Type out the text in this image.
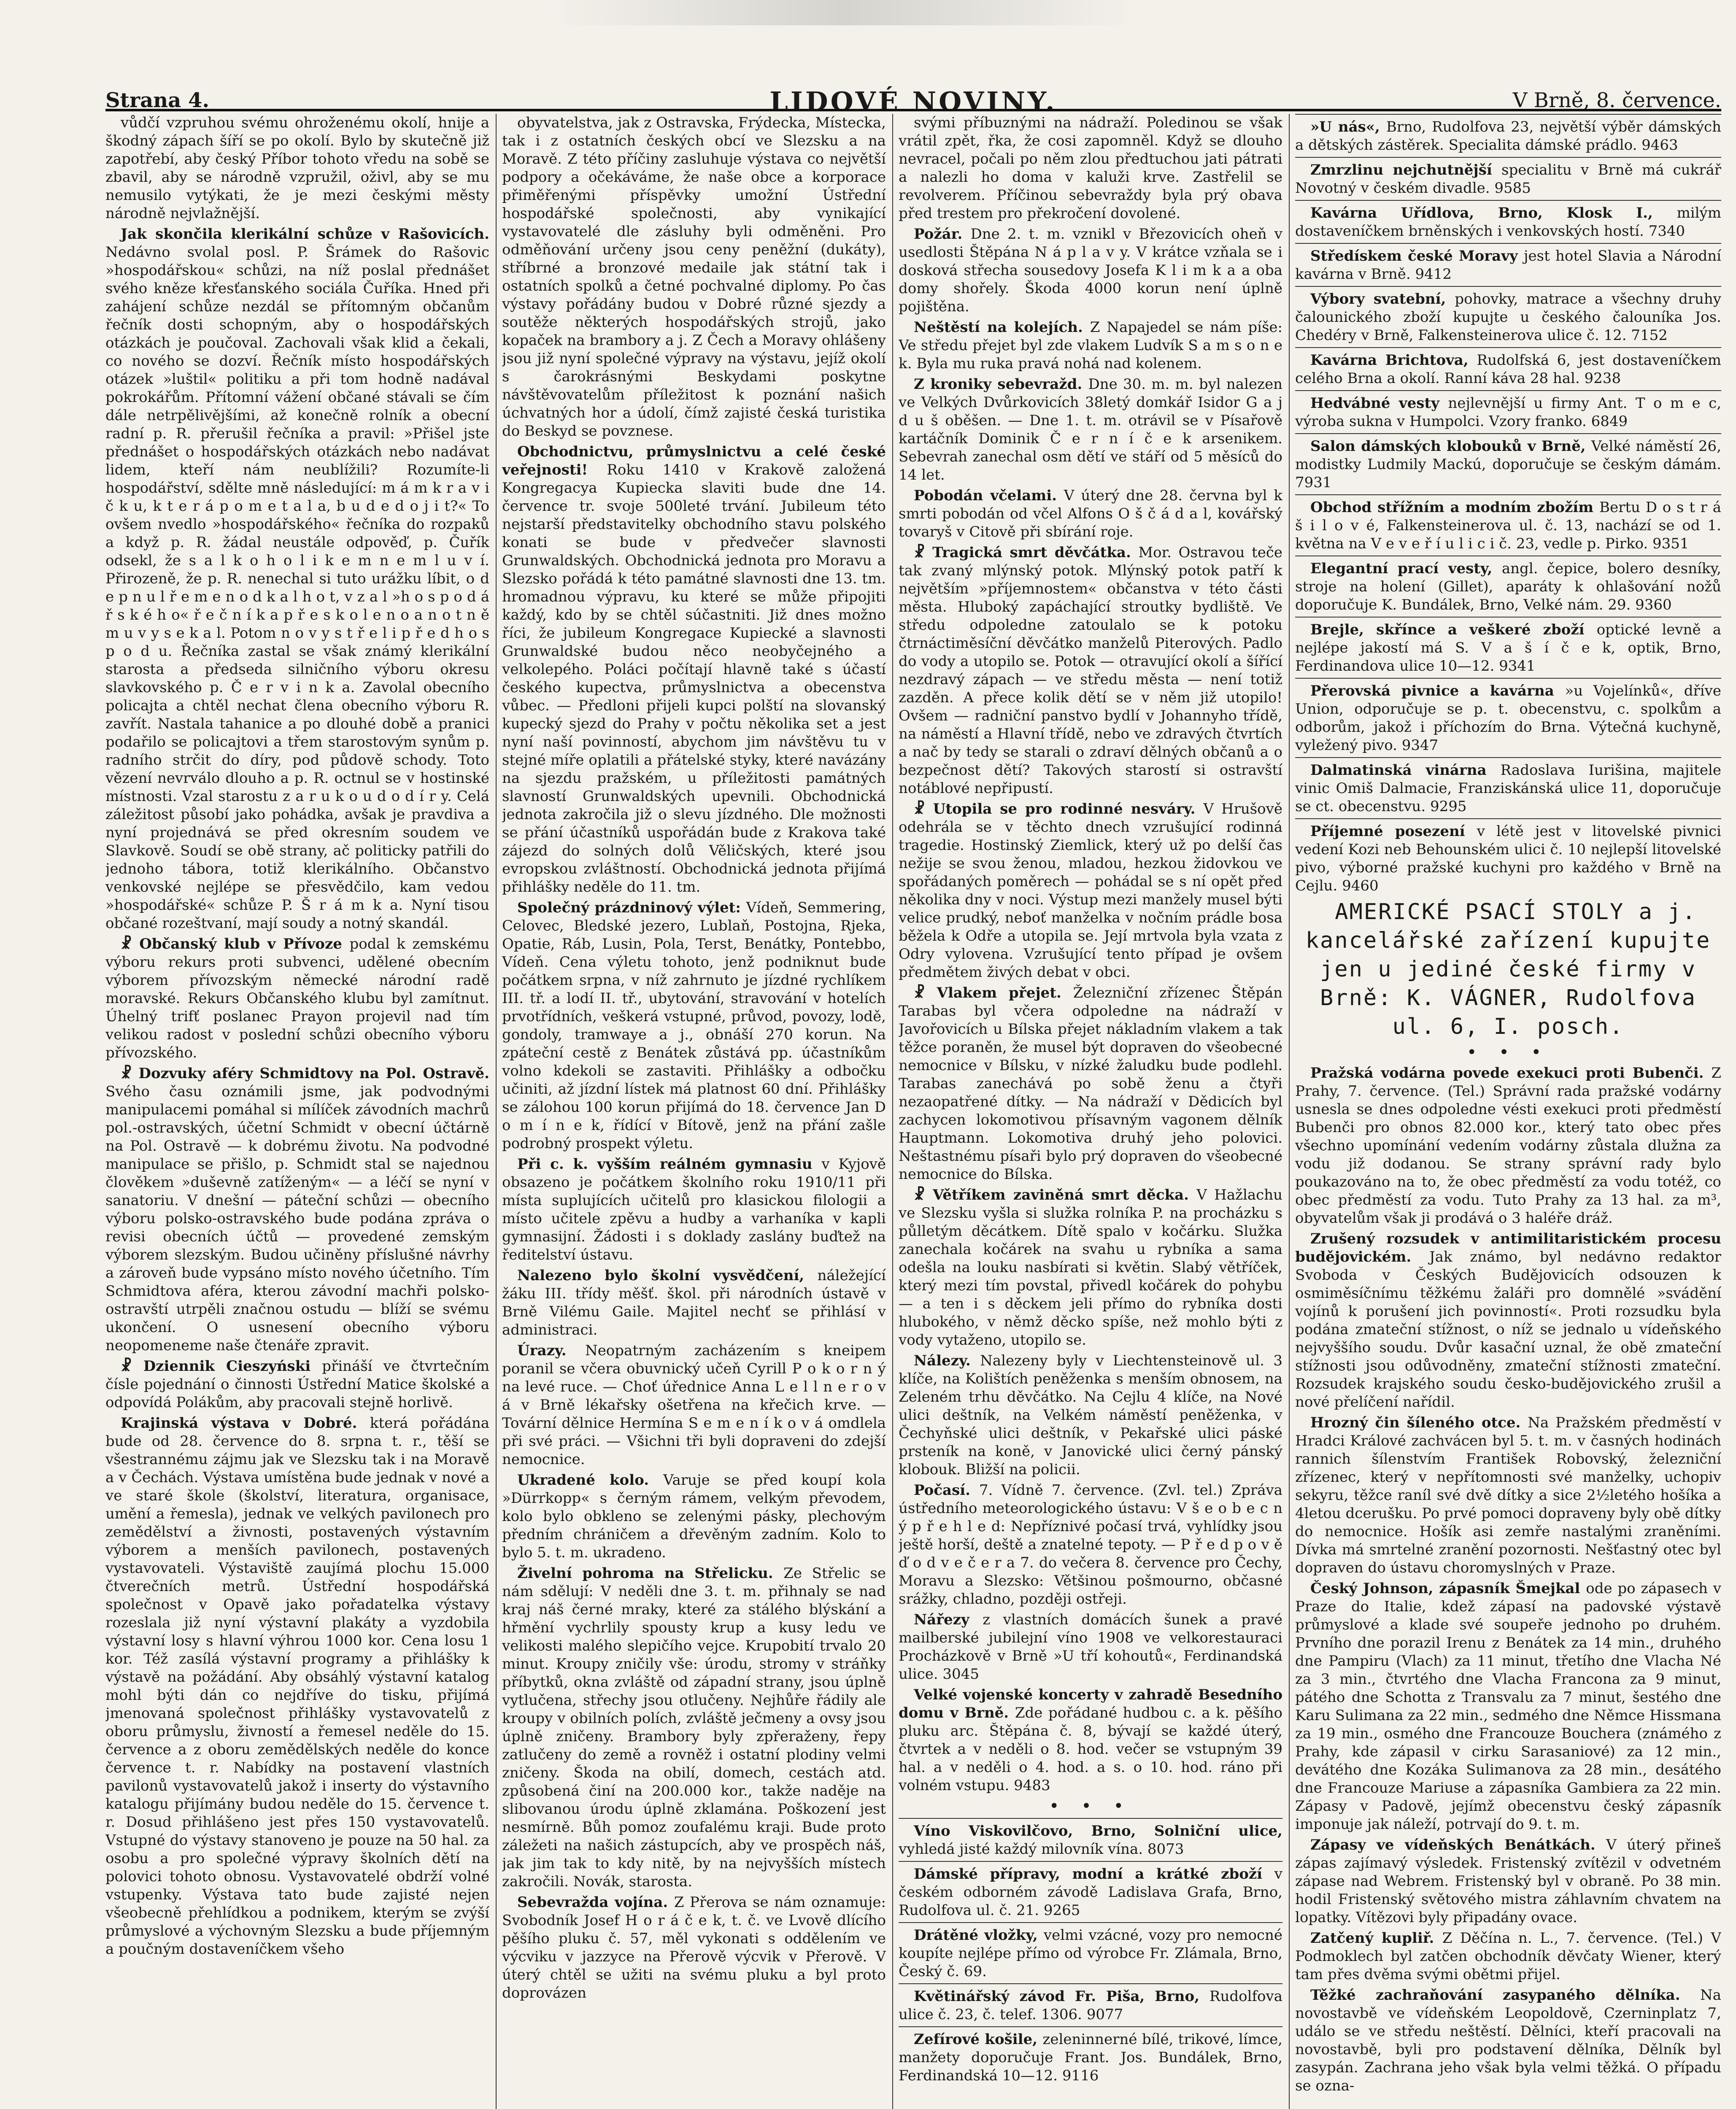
Strana 4.	LIDOVÉ NOVINY.	V Brně, 8. července.

vůdčí vzpruhou svému ohroženému okolí, hnije a škodný zápach šíří se po okolí. Bylo by skutečně již zapotřebí, aby český Příbor tohoto vředu na sobě se zbavil, aby se národně vzpružil, oživl, aby se mu nemusilo vytýkati, že je mezi českými městy národně nejvlažnější.

Jak skončila klerikální schůze v Rašovicích. Nedávno svolal posl. P. Šrámek do Rašovic »hospodářskou« schůzi, na níž poslal přednášet svého kněze křesťanského sociála Čuříka. Hned při zahájení schůze nezdál se přítomným občanům řečník dosti schopným, aby o hospodářských otázkách je poučoval. Zachovali však klid a čekali, co nového se dozví. Řečník místo hospodářských otázek »luštil« politiku a při tom hodně nadával pokrokářům. Přítomní vážení občané stávali se čím dále netrpělivějšími, až konečně rolník a obecní radní p. R. přerušil řečníka a pravil: »Přišel jste přednášet o hospodářských otázkách nebo nadávat lidem, kteří nám neublížili? Rozumíte-li hospodářství, sdělte mně následující: m á m k r a v i č k u, k t e r á p o m e t a l a, b u d e d o j i t?« To ovšem nvedlo »hospodářského« řečníka do rozpaků a když p. R. žádal neustále odpověď, p. Čuřík odsekl, že s a l k o h o l i k e m n e m l u v í. Přirozeně, že p. R. nenechal si tuto urážku líbit, o d e p n u l ř e m e n o d k a l h o t, v z a l »h o s p o d á ř s k é h o« ř e č n í k a p ř e s k o l e n o a n o t n ě m u v y s e k a l. Potom n o v y s t ř e l i p ř e d h o s p o d u. Řečníka zastal se však známý klerikální starosta a předseda silničního výboru okresu slavkovského p. Č e r v i n k a. Zavolal obecního policajta a chtěl nechat člena obecního výboru R. zavřít. Nastala tahanice a po dlouhé době a pranici podařilo se policajtovi a třem starostovým synům p. radního strčit do díry, pod půdově schody. Toto vězení nevrválo dlouho a p. R. octnul se v hostinské místnosti. Vzal starostu z a r u k o u d o d í r y. Celá záležitost působí jako pohádka, avšak je pravdiva a nyní projednává se před okresním soudem ve Slavkově. Soudí se obě strany, ač politicky patřili do jednoho tábora, totiž klerikálního. Občanstvo venkovské nejlépe se přesvědčilo, kam vedou »hospodářské« schůze P. Š r á m k a. Nyní tisou občané rozeštvaní, mají soudy a notný skandál.

☧ Občanský klub v Přívoze podal k zemskému výboru rekurs proti subvenci, udělené obecním výborem přívozským německé národní radě moravské. Rekurs Občanského klubu byl zamítnut. Úhelný trifť poslanec Prayon projevil nad tím velikou radost v poslední schůzi obecního výboru přívozského.

☧ Dozvuky aféry Schmidtovy na Pol. Ostravě. Svého času oznámili jsme, jak podvodnými manipulacemi pomáhal si mílíček závodních machrů pol.-ostravských, účetní Schmidt v obecní účtárně na Pol. Ostravě — k dobrému životu. Na podvodné manipulace se přišlo, p. Schmidt stal se najednou člověkem »duševně zatíženým« — a léčí se nyní v sanatoriu. V dnešní — páteční schůzi — obecního výboru polsko-ostravského bude podána zpráva o revisi obecních účtů — provedené zemským výborem slezským. Budou učiněny příslušné návrhy a zároveň bude vypsáno místo nového účetního. Tím Schmidtova aféra, kterou závodní machři polsko-ostravští utrpěli značnou ostudu — blíží se svému ukončení. O usnesení obecního výboru neopomeneme naše čtenáře zpravit.

☧ Dziennik Cieszyński přináší ve čtvrtečním čísle pojednání o činnosti Ústřední Matice školské a odpovídá Polákům, aby pracovali stejně horlivě.

Krajinská výstava v Dobré. která pořádána bude od 28. července do 8. srpna t. r., těší se všestrannému zájmu jak ve Slezsku tak i na Moravě a v Čechách. Výstava umístěna bude jednak v nové a ve staré škole (školství, literatura, organisace, umění a řemesla), jednak ve velkých pavilonech pro zemědělství a živnosti, postavených výstavním výborem a menších pavilonech, postavených vystavovateli. Výstaviště zaujímá plochu 15.000 čtverečních metrů. Ústřední hospodářská společnost v Opavě jako pořadatelka výstavy rozeslala již nyní výstavní plakáty a vyzdobila výstavní losy s hlavní výhrou 1000 kor. Cena losu 1 kor. Též zasílá výstavní programy a přihlášky k výstavě na požádání. Aby obsáhlý výstavní katalog mohl býti dán co nejdříve do tisku, přijímá jmenovaná společnost přihlášky vystavovatelů z oboru průmyslu, živností a řemesel neděle do 15. července a z oboru zemědělských neděle do konce července t. r. Nabídky na postavení vlastních pavilonů vystavovatelů jakož i inserty do výstavního katalogu přijímány budou neděle do 15. července t. r. Dosud přihlášeno jest přes 150 vystavovatelů. Vstupné do výstavy stanoveno je pouze na 50 hal. za osobu a pro společné výpravy školních dětí na polovici tohoto obnosu. Vystavovatelé obdrží volné vstupenky. Výstava tato bude zajisté nejen všeobecně přehlídkou a podnikem, kterým se zvýší průmyslové a výchovným Slezsku a bude příjemným a poučným dostaveníčkem všeho

obyvatelstva, jak z Ostravska, Frýdecka, Místecka, tak i z ostatních českých obcí ve Slezsku a na Moravě. Z této příčiny zasluhuje výstava co největší podpory a očekáváme, že naše obce a korporace přiměřenými příspěvky umožní Ústřední hospodářské společnosti, aby vynikající vystavovatelé dle zásluhy byli odměněni. Pro odměňování určeny jsou ceny peněžní (dukáty), stříbrné a bronzové medaile jak státní tak i ostatních spolků a četné pochvalné diplomy. Po čas výstavy pořádány budou v Dobré různé sjezdy a soutěže některých hospodářských strojů, jako kopaček na brambory a j. Z Čech a Moravy ohlášeny jsou již nyní společné výpravy na výstavu, jejíž okolí s čarokrásnými Beskydami poskytne návštěvovatelům příležitost k poznání našich úchvatných hor a údolí, čímž zajisté česká turistika do Beskyd se povznese.

Obchodnictvu, průmyslnictvu a celé české veřejnosti! Roku 1410 v Krakově založená Kongregacya Kupiecka slaviti bude dne 14. července tr. svoje 500leté trvání. Jubileum této nejstarší představitelky obchodního stavu polského konati se bude v předvečer slavnosti Grunwaldských. Obchodnická jednota pro Moravu a Slezsko pořádá k této památné slavnosti dne 13. tm. hromadnou výpravu, ku které se může připojiti každý, kdo by se chtěl súčastniti. Již dnes možno říci, že jubileum Kongregace Kupiecké a slavnosti Grunwaldské budou něco neobyčejného a velkolepého. Poláci počítají hlavně také s účastí českého kupectva, průmyslnictva a obecenstva vůbec. — Předloni přijeli kupci polští na slovanský kupecký sjezd do Prahy v počtu několika set a jest nyní naší povinností, abychom jim návštěvu tu v stejné míře oplatili a přátelské styky, které navázány na sjezdu pražském, u příležitosti památných slavností Grunwaldských upevnili. Obchodnická jednota zakročila již o slevu jízdného. Dle možnosti se přání účastníků uspořádán bude z Krakova také zájezd do solných dolů Věličských, které jsou evropskou zvláštností. Obchodnická jednota přijímá přihlášky neděle do 11. tm.

Společný prázdninový výlet: Vídeň, Semmering, Celovec, Bledské jezero, Lublaň, Postojna, Rjeka, Opatie, Ráb, Lusin, Pola, Terst, Benátky, Pontebbo, Vídeň. Cena výletu tohoto, jenž podniknut bude počátkem srpna, v níž zahrnuto je jízdné rychlíkem III. tř. a lodí II. tř., ubytování, stravování v hotelích prvotřídních, veškerá vstupné, průvod, povozy, lodě, gondoly, tramwaye a j., obnáší 270 korun. Na zpáteční cestě z Benátek zůstává pp. účastníkům volno kdekoli se zastaviti. Přihlášky a odbočku učiniti, až jízdní lístek má platnost 60 dní. Přihlášky se zálohou 100 korun přijímá do 18. července Jan D o m í n e k, řídící v Bítově, jenž na přání zašle podrobný prospekt výletu.

Při c. k. vyšším reálném gymnasiu v Kyjově obsazeno je počátkem školního roku 1910/11 při místa suplujících učitelů pro klasickou filologii a místo učitele zpěvu a hudby a varhaníka v kapli gymnasijní. Žádosti i s doklady zaslány buďtež na ředitelství ústavu.

Nalezeno bylo školní vysvědčení, náležející žáku III. třídy měšť. škol. při národních ústavě v Brně Vilému Gaile. Majitel nechť se přihlásí v administraci.

Úrazy. Neopatrným zacházením s kneipem poranil se včera obuvnický učeň Cyrill P o k o r n ý na levé ruce. — Choť úřednice Anna L e l l n e r o v á v Brně lékařsky ošetřena na křečich krve. — Tovární dělnice Hermína S e m e n í k o v á omdlela při své práci. — Všichni tři byli dopraveni do zdejší nemocnice.

Ukradené kolo. Varuje se před koupí kola »Dürrkopp« s černým rámem, velkým převodem, kolo bylo obkleno se zelenými pásky, plechovým předním chráničem a dřevěným zadním. Kolo to bylo 5. t. m. ukradeno.

Živelní pohroma na Střelicku. Ze Střelic se nám sdělují: V neděli dne 3. t. m. přihnaly se nad kraj náš černé mraky, které za stálého blýskání a hřmění vychrlily spousty krup a kusy ledu ve velikosti malého slepičího vejce. Krupobití trvalo 20 minut. Kroupy zničily vše: úrodu, stromy v stráňky příbytků, okna zvláště od západní strany, jsou úplně vytlučena, střechy jsou otlučeny. Nejhůře řádily ale kroupy v obilních polích, zvláště ječmeny a ovsy jsou úplně zničeny. Brambory byly zpřeraženy, řepy zatlučeny do země a rovněž i ostatní plodiny velmi zničeny. Škoda na obilí, domech, cestách atd. způsobená činí na 200.000 kor., takže naděje na slibovanou úrodu úplně zklamána. Poškození jest nesmírně. Bůh pomoz zoufalému kraji. Bude proto záležeti na našich zástupcích, aby ve prospěch náš, jak jim tak to kdy nitě, by na nejvyšších místech zakročili. Novák, starosta.

Sebevražda vojína. Z Přerova se nám oznamuje: Svobodník Josef H o r á č e k, t. č. ve Lvově dlícího pěšího pluku č. 57, měl vykonati s oddělením ve výcviku v jazzyce na Přerově výcvik v Přerově. V úterý chtěl se užiti na svému pluku a byl proto doprovázen

svými příbuznými na nádraží. Poledinou se však vrátil zpět, řka, že cosi zapomněl. Když se dlouho nevracel, počali po něm zlou předtuchou jati pátrati a nalezli ho doma v kaluži krve. Zastřelil se revolverem. Příčinou sebevraždy byla prý obava před trestem pro překročení dovolené.

Požár. Dne 2. t. m. vznikl v Březovicích oheň v usedlosti Štěpána N á p l a v y. V krátce vzňala se i dosková střecha sousedovy Josefa K l i m k a a oba domy shořely. Škoda 4000 korun není úplně pojištěna.

Neštěstí na kolejích. Z Napajedel se nám píše: Ve středu přejet byl zde vlakem Ludvík S a m s o n e k. Byla mu ruka pravá nohá nad kolenem.

Z kroniky sebevražd. Dne 30. m. m. byl nalezen ve Velkých Dvůrkovicích 38letý domkář Isidor G a j d u š oběšen. — Dne 1. t. m. otrávil se v Písařově kartáčník Dominik Č e r n í č e k arsenikem. Sebevrah zanechal osm dětí ve stáří od 5 měsíců do 14 let.

Pobodán včelami. V úterý dne 28. června byl k smrti pobodán od včel Alfons O š č á d a l, kovářský tovaryš v Citově při sbírání roje.

☧ Tragická smrt děvčátka. Mor. Ostravou teče tak zvaný mlýnský potok. Mlýnský potok patří k největším »příjemnostem« občanstva v této části města. Hluboký zapáchající stroutky bydliště. Ve středu odpoledne zatoulalo se k potoku čtrnáctiměsíční děvčátko manželů Piterových. Padlo do vody a utopilo se. Potok — otravující okolí a šířící nezdravý zápach — ve středu města — není totiž zazděn. A přece kolik dětí se v něm již utopilo! Ovšem — radniční panstvo bydlí v Johannyho třídě, na náměstí a Hlavní třídě, nebo ve zdravých čtvrtích a nač by tedy se starali o zdraví dělných občanů a o bezpečnost dětí? Takových starostí si ostravští notáblové nepřipustí.

☧ Utopila se pro rodinné nesváry. V Hrušově odehrála se v těchto dnech vzrušující rodinná tragedie. Hostinský Ziemlick, který už po delší čas nežije se svou ženou, mladou, hezkou židovkou ve spořádaných poměrech — pohádal se s ní opět před několika dny v noci. Výstup mezi manžely musel býti velice prudký, neboť manželka v nočním prádle bosa běžela k Odře a utopila se. Její mrtvola byla vzata z Odry vylovena. Vzrušující tento případ je ovšem předmětem živých debat v obci.

☧ Vlakem přejet. Železniční zřízenec Štěpán Tarabas byl včera odpoledne na nádraží v Javořovicích u Bílska přejet nákladním vlakem a tak těžce poraněn, že musel být dopraven do všeobecné nemocnice v Bílsku, v nízké žaludku bude podlehl. Tarabas zanechává po sobě ženu a čtyři nezaopatřené dítky. — Na nádraží v Dědicích byl zachycen lokomotivou přísavným vagonem dělník Hauptmann. Lokomotiva druhý jeho polovici. Neštastnému písaři bylo prý dopraven do všeobecné nemocnice do Bílska.

☧ Větříkem zaviněná smrt děcka. V Hažlachu ve Slezsku vyšla si služka rolníka P. na procházku s půlletým děcátkem. Dítě spalo v kočárku. Služka zanechala kočárek na svahu u rybníka a sama odešla na louku nasbírati si květin. Slabý větříček, který mezi tím povstal, přivedl kočárek do pohybu — a ten i s děckem jeli přímo do rybníka dosti hlubokého, v němž děcko spíše, než mohlo býti z vody vytaženo, utopilo se.

Nálezy. Nalezeny byly v Liechtensteinově ul. 3 klíče, na Kolištích peněženka s menším obnosem, na Zeleném trhu děvčátko. Na Cejlu 4 klíče, na Nové ulici deštník, na Velkém náměstí peněženka, v Čechyňské ulici deštník, v Pekařské ulici páské prsteník na koně, v Janovické ulici černý pánský klobouk. Bližší na policii.

Počasí. 7. Vídně 7. července. (Zvl. tel.) Zpráva ústředního meteorologického ústavu: V š e o b e c n ý p ř e h l e d: Nepříznivé počasí trvá, vyhlídky jsou ještě horší, deště a znatelné tepoty. — P ř e d p o v ě ď o d v e č e r a 7. do večera 8. července pro Čechy, Moravu a Slezsko: Většinou pošmourno, občasné srážky, chladno, později ostřeji.

Nářezy z vlastních domácích šunek a pravé mailberské jubilejní víno 1908 ve velkorestauraci Procházkově v Brně »U tří kohoutů«, Ferdinandská ulice. 3045

Velké vojenské koncerty v zahradě Besedního domu v Brně. Zde pořádané hudbou c. a k. pěšího pluku arc. Štěpána č. 8, bývají se každé úterý, čtvrtek a v neděli o 8. hod. večer se vstupným 39 hal. a v neděli o 4. hod. a s. o 10. hod. ráno při volném vstupu. 9483

• • •

Víno Viskovilčovo, Brno, Solniční ulice, vyhledá jisté každý milovník vína. 8073

Dámské přípravy, modní a krátké zboží v českém odborném závodě Ladislava Grafa, Brno, Rudolfova ul. č. 21. 9265

Drátěné vložky, velmi vzácné, vozy pro nemocné koupíte nejlépe přímo od výrobce Fr. Zlámala, Brno, Český č. 69.

Květinářský závod Fr. Piša, Brno, Rudolfova ulice č. 23, č. telef. 1306. 9077

Zefírové košile, zeleninnerné bílé, trikové, límce, manžety doporučuje Frant. Jos. Bundálek, Brno, Ferdinandská 10—12. 9116

»U nás«, Brno, Rudolfova 23, největší výběr dámských a dětských zástěrek. Specialita dámské prádlo. 9463

Zmrzlinu nejchutnější specialitu v Brně má cukrář Novotný v českém divadle. 9585

Kavárna Uřídlova, Brno, Klosk I., milým dostaveníčkem brněnských i venkovských hostí. 7340

Středískem české Moravy jest hotel Slavia a Národní kavárna v Brně. 9412

Výbory svatební, pohovky, matrace a všechny druhy čalounického zboží kupujte u českého čalouníka Jos. Chedéry v Brně, Falkensteinerova ulice č. 12. 7152

Kavárna Brichtova, Rudolfská 6, jest dostaveníčkem celého Brna a okolí. Ranní káva 28 hal. 9238

Hedvábné vesty nejlevnější u firmy Ant. T o m e c, výroba sukna v Humpolci. Vzory franko. 6849

Salon dámských klobouků v Brně, Velké náměstí 26, modistky Ludmily Mackú, doporučuje se českým dámám. 7931

Obchod střížním a modním zbožím Bertu D o s t r á š i l o v é, Falkensteinerova ul. č. 13, nachází se od 1. května na V e v e ř í u l i c i č. 23, vedle p. Pirko. 9351

Elegantní prací vesty, angl. čepice, bolero desníky, stroje na holení (Gillet), aparáty k ohlašování nožů doporučuje K. Bundálek, Brno, Velké nám. 29. 9360

Brejle, skřínce a veškeré zboží optické levně a nejlépe jakostí má S. V a š í č e k, optik, Brno, Ferdinandova ulice 10—12. 9341

Přerovská pivnice a kavárna »u Vojelínků«, dříve Union, odporučuje se p. t. obecenstvu, c. spolkům a odborům, jakož i příchozím do Brna. Výtečná kuchyně, vyležený pivo. 9347

Dalmatinská vinárna Radoslava Iurišina, majitele vinic Omiš Dalmacie, Franziskánská ulice 11, doporučuje se ct. obecenstvu. 9295

Příjemné posezení v létě jest v litovelské pivnici vedení Kozi neb Behounském ulici č. 10 nejlepší litovelské pivo, výborné pražské kuchyni pro každého v Brně na Cejlu. 9460

AMERICKÉ PSACÍ STOLY a j. kancelářské zařízení kupujte jen u jediné české firmy v Brně: K. VÁGNER, Rudolfova ul. 6, I. posch.

• • •

Pražská vodárna povede exekuci proti Bubenči. Z Prahy, 7. července. (Tel.) Správní rada pražské vodárny usnesla se dnes odpoledne vésti exekuci proti předměstí Bubenči pro obnos 82.000 kor., který tato obec přes všechno upomínání vedením vodárny zůstala dlužna za vodu již dodanou. Se strany správní rady bylo poukazováno na to, že obec předměstí za vodu totéž, co obec předměstí za vodu. Tuto Prahy za 13 hal. za m³, obyvatelům však ji prodává o 3 haléře dráž.

Zrušený rozsudek v antimilitaristickém procesu budějovickém. Jak známo, byl nedávno redaktor Svoboda v Českých Budějovicích odsouzen k osmiměsíčnímu těžkému žaláři pro domnělé »svádění vojínů k porušení jich povinností«. Proti rozsudku byla podána zmateční stížnost, o níž se jednalo u vídeňského nejvyššího soudu. Dvůr kasační uznal, že obě zmateční stížnosti jsou odůvodněny, zmateční stížnosti zmateční. Rozsudek krajského soudu česko-budějovického zrušil a nové přelíčení nařídil.

Hrozný čin šíleného otce. Na Pražském předměstí v Hradci Králové zachvácen byl 5. t. m. v časných hodinách rannich šílenstvím František Robovský, železniční zřízenec, který v nepřítomnosti své manželky, uchopiv sekyru, těžce raníl své dvě dítky a sice 2½letého hošíka a 4letou dcerušku. Po prvé pomoci dopraveny byly obě dítky do nemocnice. Hošík asi zemře nastalými zraněními. Dívka má smrtelné zranění pozornosti. Nešťastný otec byl dopraven do ústavu choromyslných v Praze.

Český Johnson, zápasník Šmejkal ode po zápasech v Praze do Italie, kdež zápasí na padovské výstavě průmyslové a klade své soupeře jednoho po druhém. Prvního dne porazil Irenu z Benátek za 14 min., druhého dne Pampiru (Vlach) za 11 minut, třetího dne Vlacha Né za 3 min., čtvrtého dne Vlacha Francona za 9 minut, pátého dne Schotta z Transvalu za 7 minut, šestého dne Karu Sulimana za 22 min., sedmého dne Němce Hissmana za 19 min., osmého dne Francouze Bouchera (známého z Prahy, kde zápasil v cirku Sarasaniové) za 12 min., devátého dne Kozáka Sulimanova za 28 min., desátého dne Francouze Mariuse a zápasníka Gambiera za 22 min. Zápasy v Padově, jejímž obecenstvu český zápasník imponuje jak náleží, potrvají do 9. t. m.

Zápasy ve vídeňských Benátkách. V úterý přineš zápas zajímavý výsledek. Fristenský zvítězil v odvetném zápase nad Webrem. Fristenský byl v obraně. Po 38 min. hodil Fristenský světového mistra záhlavním chvatem na lopatky. Vítězovi byly připadány ovace.

Zatčený kupliř. Z Děčína n. L., 7. července. (Tel.) V Podmoklech byl zatčen obchodník děvčaty Wiener, který tam přes dvěma svými obětmi přijel.

Těžké zachraňování zasypaného dělníka. Na novostavbě ve vídeňském Leopoldově, Czerninplatz 7, událo se ve středu neštěstí. Dělníci, kteří pracovali na novostavbě, byli pro podstavení dělníka, Dělník byl zasypán. Zachrana jeho však byla velmi těžká. O případu se ozna-
